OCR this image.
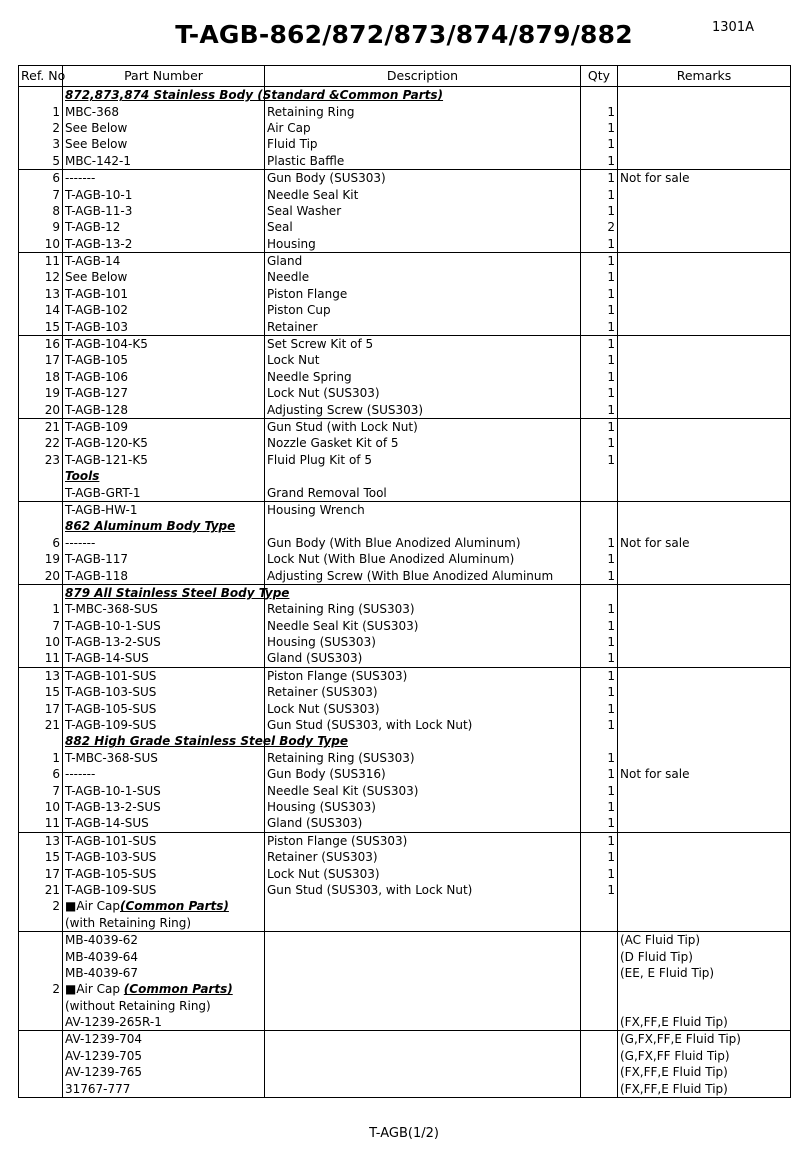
T-AGB-862/872/873/874/879/882	1301A
Ref. No	Part Number	Description	Qty	Remarks
	872,873,874 Stainless Body (Standard &Common Parts)			
1	MBC-368	Retaining Ring	1	
2	See Below	Air Cap	1	
3	See Below	Fluid Tip	1	
5	MBC-142-1	Plastic Baffle	1	
6	-------	Gun Body (SUS303)	1	Not for sale
7	T-AGB-10-1	Needle Seal Kit	1	
8	T-AGB-11-3	Seal Washer	1	
9	T-AGB-12	Seal	2	
10	T-AGB-13-2	Housing	1	
11	T-AGB-14	Gland	1	
12	See Below	Needle	1	
13	T-AGB-101	Piston Flange	1	
14	T-AGB-102	Piston Cup	1	
15	T-AGB-103	Retainer	1	
16	T-AGB-104-K5	Set Screw Kit of 5	1	
17	T-AGB-105	Lock Nut	1	
18	T-AGB-106	Needle Spring	1	
19	T-AGB-127	Lock Nut (SUS303)	1	
20	T-AGB-128	Adjusting Screw (SUS303)	1	
21	T-AGB-109	Gun Stud (with Lock Nut)	1	
22	T-AGB-120-K5	Nozzle Gasket Kit of 5	1	
23	T-AGB-121-K5	Fluid Plug Kit of 5	1	
	Tools			
	T-AGB-GRT-1	Grand Removal Tool		
	T-AGB-HW-1	Housing Wrench		
	862 Aluminum Body Type			
6	-------	Gun Body (With Blue Anodized Aluminum)	1	Not for sale
19	T-AGB-117	Lock Nut (With Blue Anodized Aluminum)	1	
20	T-AGB-118	Adjusting Screw (With Blue Anodized Aluminum	1	
	879 All Stainless Steel Body Type			
1	T-MBC-368-SUS	Retaining Ring (SUS303)	1	
7	T-AGB-10-1-SUS	Needle Seal Kit (SUS303)	1	
10	T-AGB-13-2-SUS	Housing (SUS303)	1	
11	T-AGB-14-SUS	Gland (SUS303)	1	
13	T-AGB-101-SUS	Piston Flange (SUS303)	1	
15	T-AGB-103-SUS	Retainer (SUS303)	1	
17	T-AGB-105-SUS	Lock Nut (SUS303)	1	
21	T-AGB-109-SUS	Gun Stud (SUS303, with Lock Nut)	1	
	882 High Grade Stainless Steel Body Type			
1	T-MBC-368-SUS	Retaining Ring (SUS303)	1	
6	-------	Gun Body (SUS316)	1	Not for sale
7	T-AGB-10-1-SUS	Needle Seal Kit (SUS303)	1	
10	T-AGB-13-2-SUS	Housing (SUS303)	1	
11	T-AGB-14-SUS	Gland (SUS303)	1	
13	T-AGB-101-SUS	Piston Flange (SUS303)	1	
15	T-AGB-103-SUS	Retainer (SUS303)	1	
17	T-AGB-105-SUS	Lock Nut (SUS303)	1	
21	T-AGB-109-SUS	Gun Stud (SUS303, with Lock Nut)	1	
2	■Air Cap(Common Parts)			
	(with Retaining Ring)			
	MB-4039-62			(AC Fluid Tip)
	MB-4039-64			(D Fluid Tip)
	MB-4039-67			(EE, E Fluid Tip)
2	■Air Cap (Common Parts)			
	(without Retaining Ring)			
	AV-1239-265R-1			(FX,FF,E Fluid Tip)
	AV-1239-704			(G,FX,FF,E Fluid Tip)
	AV-1239-705			(G,FX,FF Fluid Tip)
	AV-1239-765			(FX,FF,E Fluid Tip)
	31767-777			(FX,FF,E Fluid Tip)
T-AGB(1/2)
